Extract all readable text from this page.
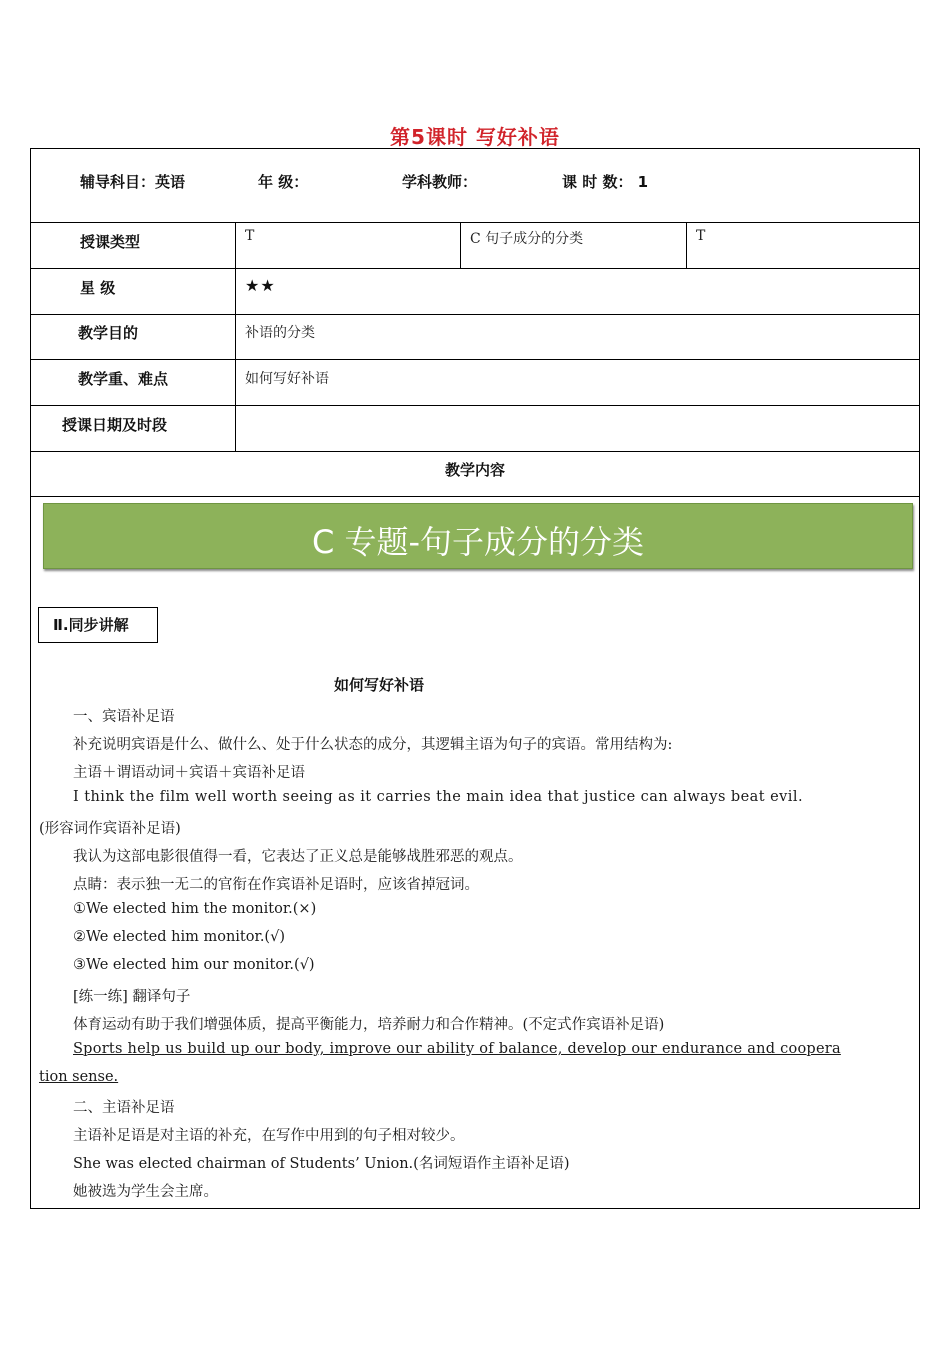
第5课时 写好补语
辅导科目：英语	年 级：	学科教师：	课 时 数： 1
授课类型	T	C 句子成分的分类	T
星 级	★★
教学目的	补语的分类
教学重、难点	如何写好补语
授课日期及时段
教学内容
C 专题-句子成分的分类
Ⅱ.同步讲解
如何写好补语
一、宾语补足语
补充说明宾语是什么、做什么、处于什么状态的成分，其逻辑主语为句子的宾语。常用结构为:
主语＋谓语动词＋宾语＋宾语补足语
I think the film well worth seeing as it carries the main idea that justice can always beat evil.
(形容词作宾语补足语)
我认为这部电影很值得一看，它表达了正义总是能够战胜邪恶的观点。
点睛：表示独一无二的官衔在作宾语补足语时，应该省掉冠词。
①We elected him the monitor.(×)
②We elected him monitor.(√)
③We elected him our monitor.(√)
[练一练] 翻译句子
体育运动有助于我们增强体质，提高平衡能力，培养耐力和合作精神。(不定式作宾语补足语)
Sports help us build up our body, improve our ability of balance, develop our endurance and coopera
tion sense.
二、主语补足语
主语补足语是对主语的补充，在写作中用到的句子相对较少。
She was elected chairman of Students’ Union.(名词短语作主语补足语)
她被选为学生会主席。
